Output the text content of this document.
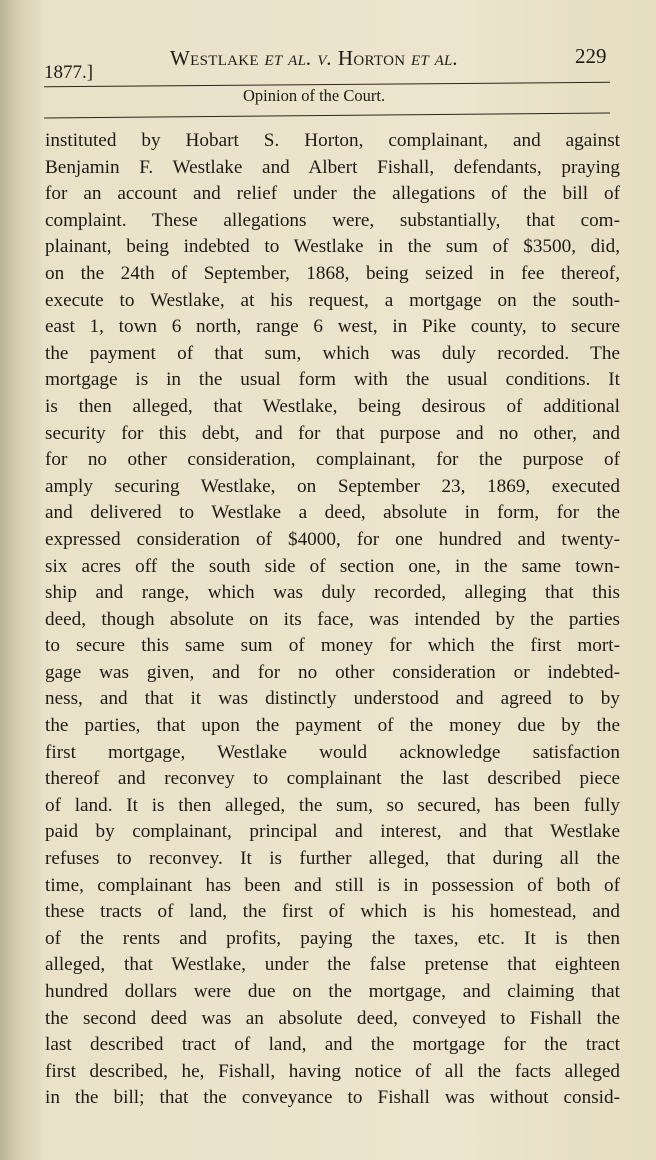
1877.]
Westlake et al. v. Horton et al.	229
Opinion of the Court.
instituted by Hobart S. Horton, complainant, and against
Benjamin F. Westlake and Albert Fishall, defendants, praying
for an account and relief under the allegations of the bill of
complaint. These allegations were, substantially, that com-
plainant, being indebted to Westlake in the sum of $3500, did,
on the 24th of September, 1868, being seized in fee thereof,
execute to Westlake, at his request, a mortgage on the south-
east 1, town 6 north, range 6 west, in Pike county, to secure
the payment of that sum, which was duly recorded. The
mortgage is in the usual form with the usual conditions. It
is then alleged, that Westlake, being desirous of additional
security for this debt, and for that purpose and no other, and
for no other consideration, complainant, for the purpose of
amply securing Westlake, on September 23, 1869, executed
and delivered to Westlake a deed, absolute in form, for the
expressed consideration of $4000, for one hundred and twenty-
six acres off the south side of section one, in the same town-
ship and range, which was duly recorded, alleging that this
deed, though absolute on its face, was intended by the parties
to secure this same sum of money for which the first mort-
gage was given, and for no other consideration or indebted-
ness, and that it was distinctly understood and agreed to by
the parties, that upon the payment of the money due by the
first mortgage, Westlake would acknowledge satisfaction
thereof and reconvey to complainant the last described piece
of land. It is then alleged, the sum, so secured, has been fully
paid by complainant, principal and interest, and that Westlake
refuses to reconvey. It is further alleged, that during all the
time, complainant has been and still is in possession of both of
these tracts of land, the first of which is his homestead, and
of the rents and profits, paying the taxes, etc. It is then
alleged, that Westlake, under the false pretense that eighteen
hundred dollars were due on the mortgage, and claiming that
the second deed was an absolute deed, conveyed to Fishall the
last described tract of land, and the mortgage for the tract
first described, he, Fishall, having notice of all the facts alleged
in the bill; that the conveyance to Fishall was without consid-
